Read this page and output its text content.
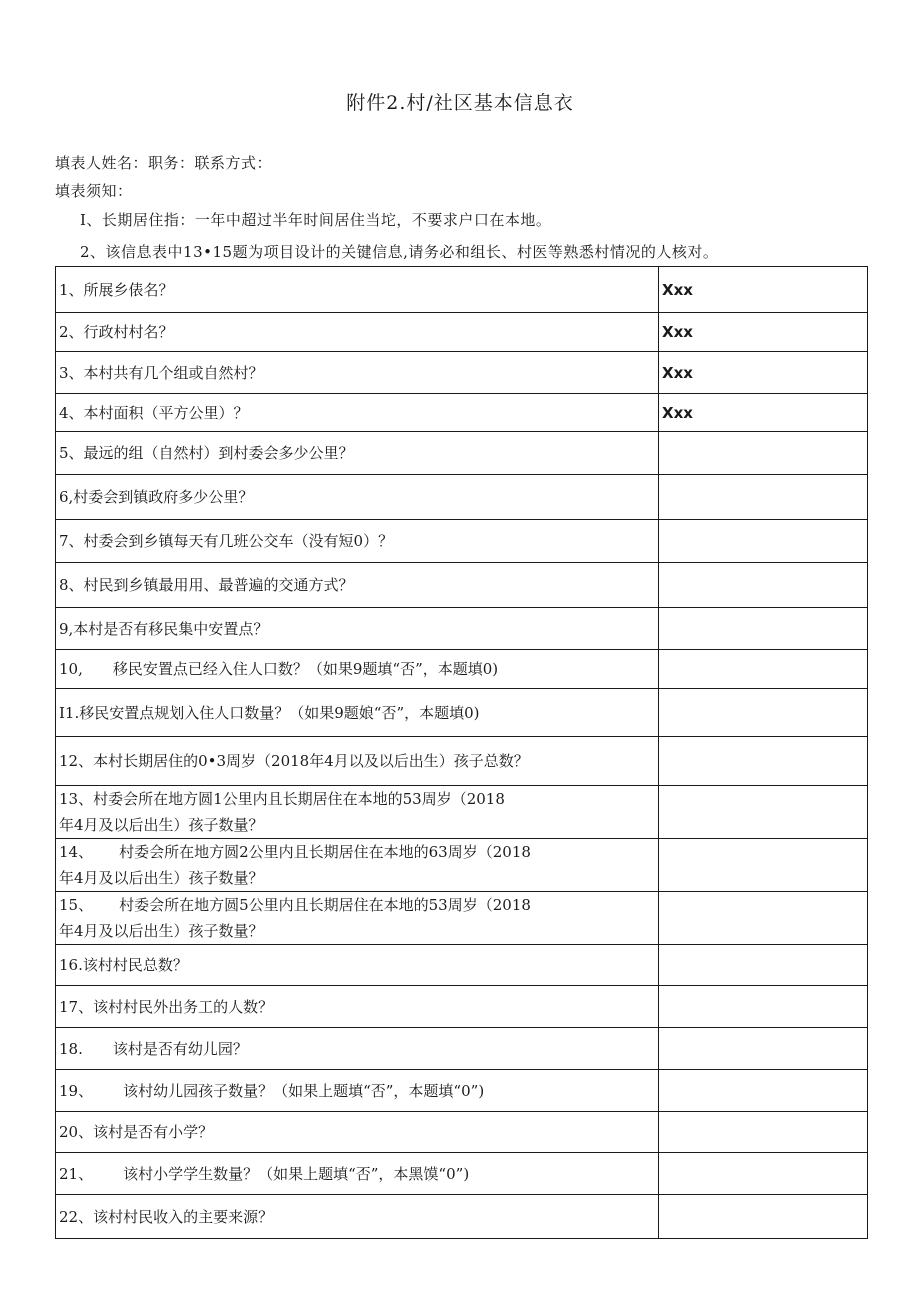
附件2.村/社区基本信息衣
填表人姓名：职务：联系方式：
填表须知：
I、长期居住指：一年中超过半年时间居住当坨，不要求户口在本地。
2、该信息表中13•15题为项目设计的关键信息,请务必和组长、村医等熟悉村情况的人核对。
1、所展乡俵名？	Xxx
2、行政村村名？	Xxx
3、本村共有几个组或自然村？	Xxx
4、本村面积（平方公里）？	Xxx
5、最远的组（自然村）到村委会多少公里？	
6,村委会到镇政府多少公里？	
7、村委会到乡镇每天有几班公交车（没有短0）？	
8、村民到乡镇最用用、最普遍的交通方式？	
9,本村是否有移民集中安置点？	
10, 移民安置点已经入住人口数？（如果9题填“否”，本题填0)	
I1.移民安置点规划入住人口数量？（如果9题娘“否”，本题填0)	
12、本村长期居住的0•3周岁（2018年4月以及以后出生）孩子总数？	
13、村委会所在地方圆1公里内且长期居住在本地的53周岁（2018
年4月及以后出生）孩子数量？	
14、 村委会所在地方圆2公里内且长期居住在本地的63周岁（2018
年4月及以后出生）孩子数量？	
15、 村委会所在地方圆5公里内且长期居住在本地的53周岁（2018
年4月及以后出生）孩子数量？	
16.该村村民总数？	
17、该村村民外出务工的人数？	
18. 该村是否有幼儿园？	
19、 该村幼儿园孩子数量？（如果上题填“否”，本题填“0”)	
20、该村是否有小学？	
21、 该村小学学生数量？（如果上题填“否”，本黑馍“0”)	
22、该村村民收入的主要来源？	
